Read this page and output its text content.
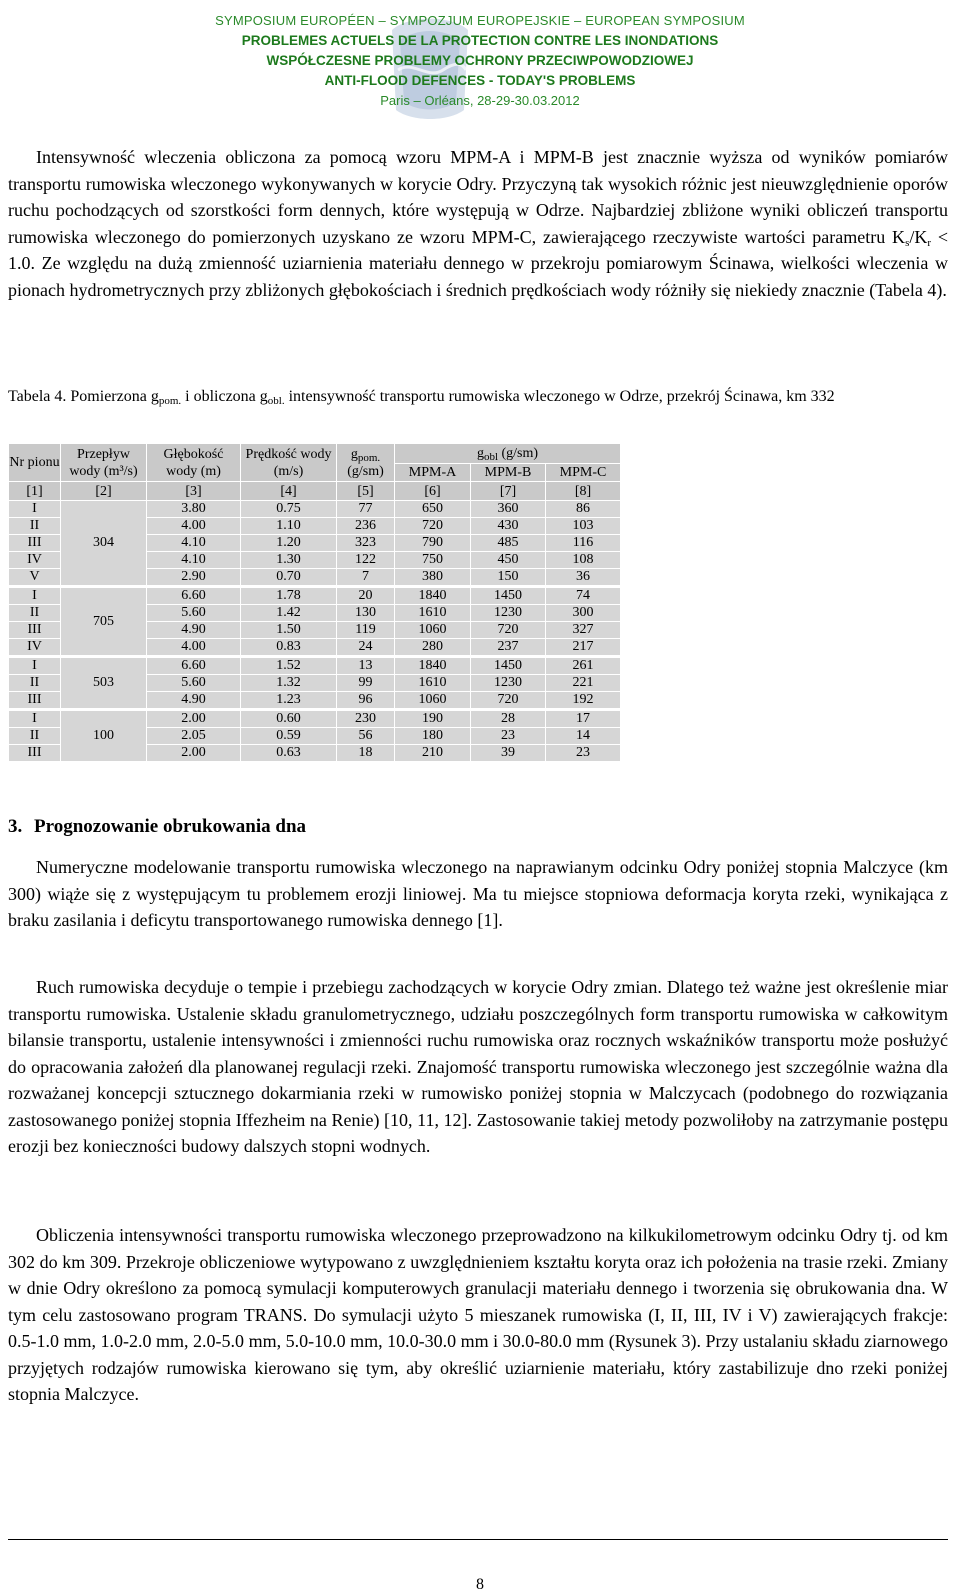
SYMPOSIUM EUROPÉEN – SYMPOZJUM EUROPEJSKIE – EUROPEAN SYMPOSIUM
PROBLEMES ACTUELS DE LA PROTECTION CONTRE LES INONDATIONS
WSPÓŁCZESNE PROBLEMY OCHRONY PRZECIWPOWODZIOWEJ
ANTI-FLOOD DEFENCES - TODAY'S PROBLEMS
Paris – Orléans, 28-29-30.03.2012

Intensywność wleczenia obliczona za pomocą wzoru MPM-A i MPM-B jest znacznie wyższa od wyników pomiarów transportu rumowiska wleczonego wykonywanych w korycie Odry. Przyczyną tak wysokich różnic jest nieuwzględnienie oporów ruchu pochodzących od szorstkości form dennych, które występują w Odrze. Najbardziej zbliżone wyniki obliczeń transportu rumowiska wleczonego do pomierzonych uzyskano ze wzoru MPM-C, zawierającego rzeczywiste wartości parametru $K_s/K_r < 1.0$. Ze względu na dużą zmienność uziarnienia materiału dennego w przekroju pomiarowym Ścinawa, wielkości wleczenia w pionach hydrometrycznych przy zbliżonych głębokościach i średnich prędkościach wody różniły się niekiedy znacznie (Tabela 4).

Tabela 4. Pomierzona $g_{pom.}$ i obliczona $g_{obl.}$ intensywność transportu rumowiska wleczonego w Odrze, przekrój Ścinawa, km 332
Nr pionu	Przepływ wody (m³/s)	Głębokość wody (m)	Prędkość wody (m/s)	$g_{pom.}$
(g/sm)	$g_{obl}$ (g/sm)		
					MPM-A	MPM-B	MPM-C
[1]	[2]	[3]	[4]	[5]	[6]	[7]	[8]
I	304	3.80	0.75	77	650	360	86
II		4.00	1.10	236	720	430	103
III		4.10	1.20	323	790	485	116
IV		4.10	1.30	122	750	450	108
V		2.90	0.70	7	380	150	36
I	705	6.60	1.78	20	1840	1450	74
II		5.60	1.42	130	1610	1230	300
III		4.90	1.50	119	1060	720	327
IV		4.00	0.83	24	280	237	217
I	503	6.60	1.52	13	1840	1450	261
II		5.60	1.32	99	1610	1230	221
III		4.90	1.23	96	1060	720	192
I	100	2.00	0.60	230	190	28	17
II		2.05	0.59	56	180	23	14
III		2.00	0.63	18	210	39	23
3. Prognozowanie obrukowania dna

Numeryczne modelowanie transportu rumowiska wleczonego na naprawianym odcinku Odry poniżej stopnia Malczyce (km 300) wiąże się z występującym tu problemem erozji liniowej. Ma tu miejsce stopniowa deformacja koryta rzeki, wynikająca z braku zasilania i deficytu transportowanego rumowiska dennego [1].

Ruch rumowiska decyduje o tempie i przebiegu zachodzących w korycie Odry zmian. Dlatego też ważne jest określenie miar transportu rumowiska. Ustalenie składu granulometrycznego, udziału poszczególnych form transportu rumowiska w całkowitym bilansie transportu, ustalenie intensywności i zmienności ruchu rumowiska oraz rocznych wskaźników transportu może posłużyć do opracowania założeń dla planowanej regulacji rzeki. Znajomość transportu rumowiska wleczonego jest szczególnie ważna dla rozważanej koncepcji sztucznego dokarmiania rzeki w rumowisko poniżej stopnia w Malczycach (podobnego do rozwiązania zastosowanego poniżej stopnia Iffezheim na Renie) [10, 11, 12]. Zastosowanie takiej metody pozwoliłoby na zatrzymanie postępu erozji bez konieczności budowy dalszych stopni wodnych.

Obliczenia intensywności transportu rumowiska wleczonego przeprowadzono na kilkukilometrowym odcinku Odry tj. od km 302 do km 309. Przekroje obliczeniowe wytypowano z uwzględnieniem kształtu koryta oraz ich położenia na trasie rzeki. Zmiany w dnie Odry określono za pomocą symulacji komputerowych granulacji materiału dennego i tworzenia się obrukowania dna. W tym celu zastosowano program TRANS. Do symulacji użyto 5 mieszanek rumowiska (I, II, III, IV i V) zawierających frakcje: 0.5-1.0 mm, 1.0-2.0 mm, 2.0-5.0 mm, 5.0-10.0 mm, 10.0-30.0 mm i 30.0-80.0 mm (Rysunek 3). Przy ustalaniu składu ziarnowego przyjętych rodzajów rumowiska kierowano się tym, aby określić uziarnienie materiału, który zastabilizuje dno rzeki poniżej stopnia Malczyce.

8
